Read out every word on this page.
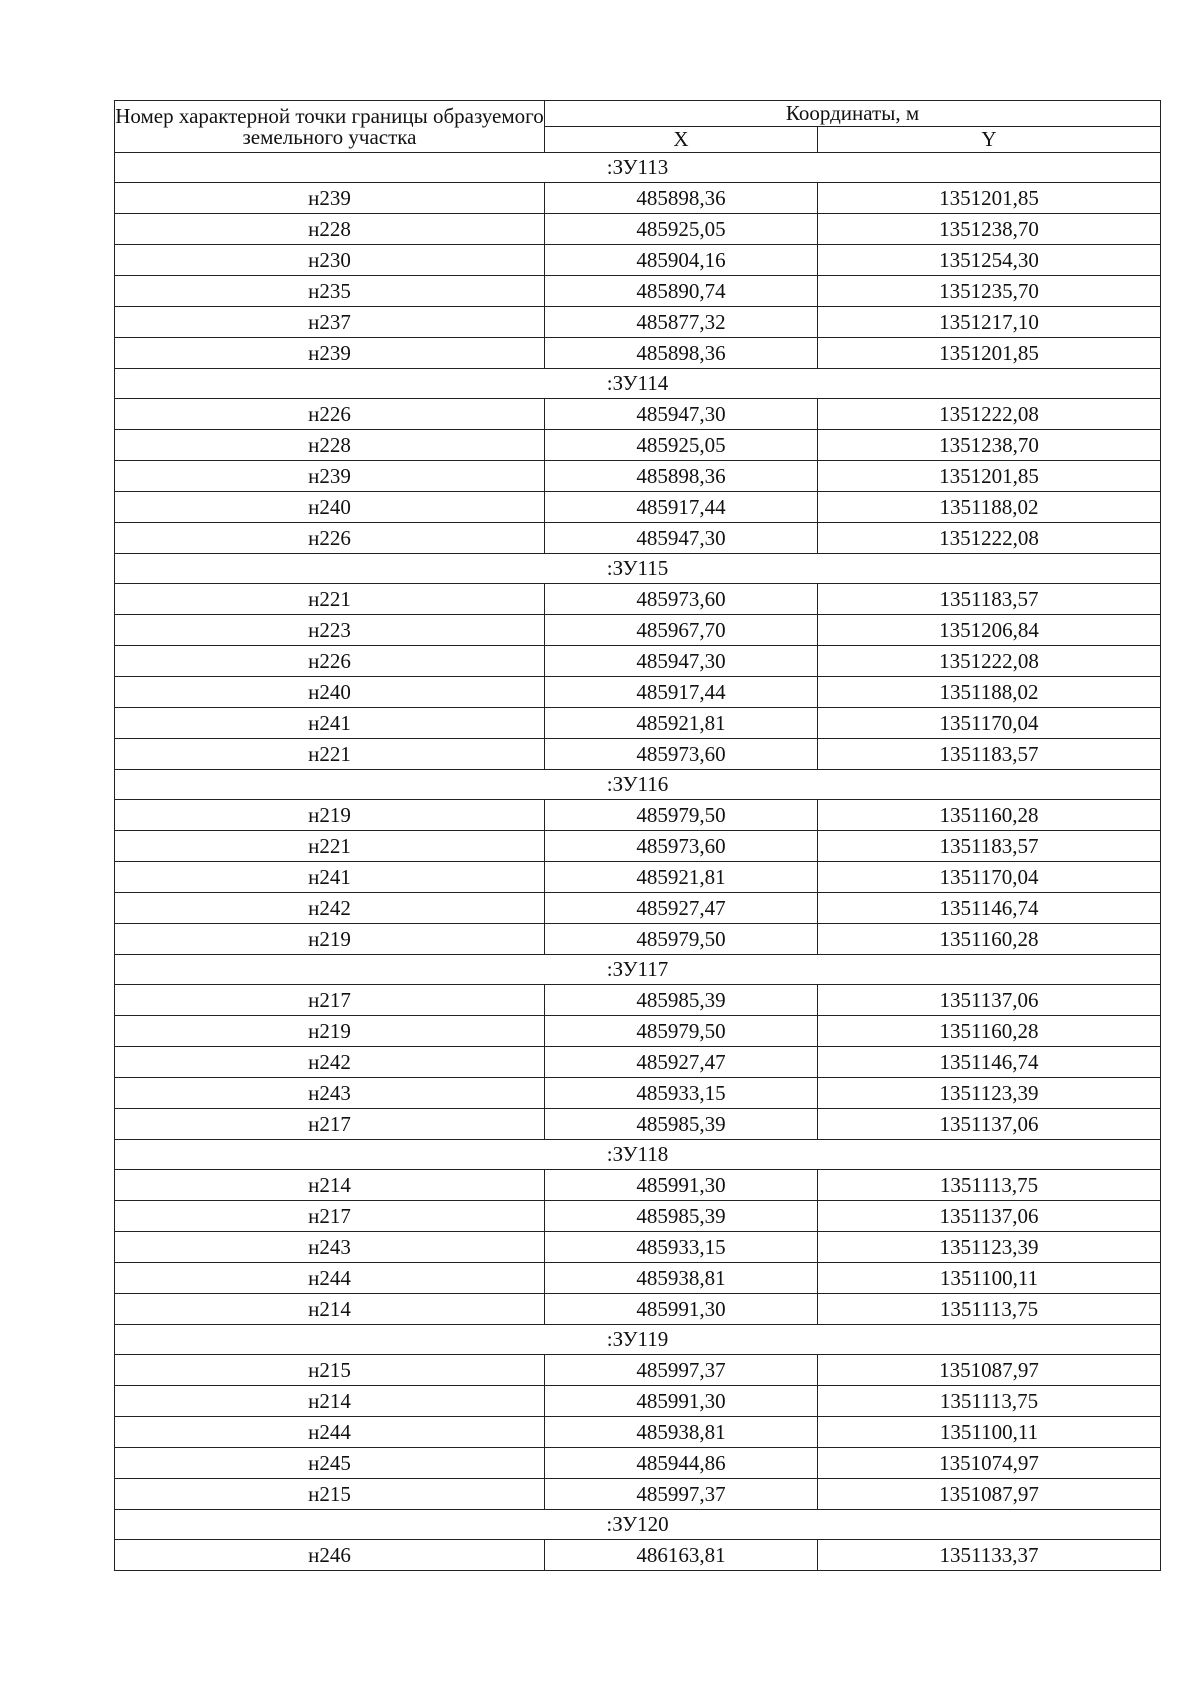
Номер характерной точки границы образуемого земельного участка	Координаты, м	
	X	Y
:ЗУ113		
н239	485898,36	1351201,85
н228	485925,05	1351238,70
н230	485904,16	1351254,30
н235	485890,74	1351235,70
н237	485877,32	1351217,10
н239	485898,36	1351201,85
:ЗУ114		
н226	485947,30	1351222,08
н228	485925,05	1351238,70
н239	485898,36	1351201,85
н240	485917,44	1351188,02
н226	485947,30	1351222,08
:ЗУ115		
н221	485973,60	1351183,57
н223	485967,70	1351206,84
н226	485947,30	1351222,08
н240	485917,44	1351188,02
н241	485921,81	1351170,04
н221	485973,60	1351183,57
:ЗУ116		
н219	485979,50	1351160,28
н221	485973,60	1351183,57
н241	485921,81	1351170,04
н242	485927,47	1351146,74
н219	485979,50	1351160,28
:ЗУ117		
н217	485985,39	1351137,06
н219	485979,50	1351160,28
н242	485927,47	1351146,74
н243	485933,15	1351123,39
н217	485985,39	1351137,06
:ЗУ118		
н214	485991,30	1351113,75
н217	485985,39	1351137,06
н243	485933,15	1351123,39
н244	485938,81	1351100,11
н214	485991,30	1351113,75
:ЗУ119		
н215	485997,37	1351087,97
н214	485991,30	1351113,75
н244	485938,81	1351100,11
н245	485944,86	1351074,97
н215	485997,37	1351087,97
:ЗУ120		
н246	486163,81	1351133,37
